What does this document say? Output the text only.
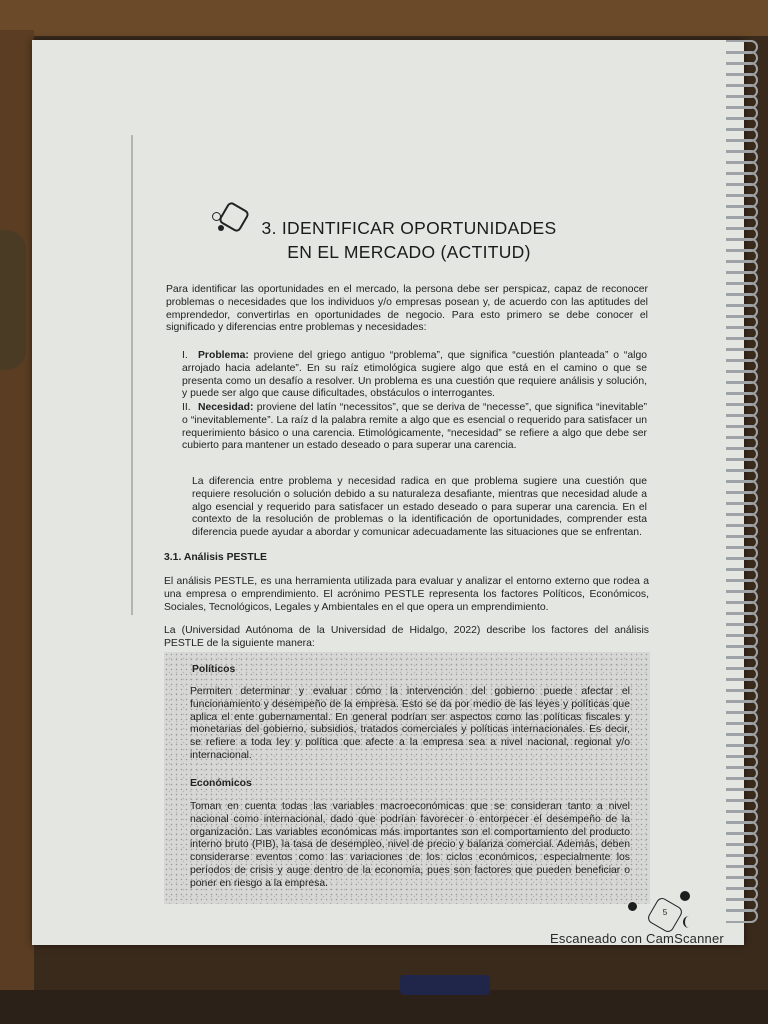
3. IDENTIFICAR OPORTUNIDADES
EN EL MERCADO (ACTITUD)
Para identificar las oportunidades en el mercado, la persona debe ser perspicaz, capaz de reconocer problemas o necesidades que los individuos y/o empresas posean y, de acuerdo con las aptitudes del emprendedor, convertirlas en oportunidades de negocio. Para esto primero se debe conocer el significado y diferencias entre problemas y necesidades:
I. Problema: proviene del griego antiguo “problema”, que significa “cuestión planteada” o “algo arrojado hacia adelante”. En su raíz etimológica sugiere algo que está en el camino o que se presenta como un desafío a resolver. Un problema es una cuestión que requiere análisis y solución, y puede ser algo que cause dificultades, obstáculos o interrogantes.
II. Necesidad: proviene del latín “necessitos”, que se deriva de “necesse”, que significa “inevitable” o “inevitablemente”. La raíz d la palabra remite a algo que es esencial o requerido para satisfacer un requerimiento básico o una carencia. Etimológicamente, “necesidad” se refiere a algo que debe ser cubierto para mantener un estado deseado o para superar una carencia.
La diferencia entre problema y necesidad radica en que problema sugiere una cuestión que requiere resolución o solución debido a su naturaleza desafiante, mientras que necesidad alude a algo esencial y requerido para satisfacer un estado deseado o para superar una carencia. En el contexto de la resolución de problemas o la identificación de oportunidades, comprender esta diferencia puede ayudar a abordar y comunicar adecuadamente las situaciones que se enfrentan.
3.1. Análisis PESTLE
El análisis PESTLE, es una herramienta utilizada para evaluar y analizar el entorno externo que rodea a una empresa o emprendimiento. El acrónimo PESTLE representa los factores Políticos, Económicos, Sociales, Tecnológicos, Legales y Ambientales en el que opera un emprendimiento.
La (Universidad Autónoma de la Universidad de Hidalgo, 2022) describe los factores del análisis PESTLE de la siguiente manera:
Políticos
Permiten determinar y evaluar cómo la intervención del gobierno puede afectar el funcionamiento y desempeño de la empresa. Esto se da por medio de las leyes y políticas que aplica el ente gubernamental. En general podrían ser aspectos como las políticas fiscales y monetarias del gobierno, subsidios, tratados comerciales y políticas internacionales. Es decir, se refiere a toda ley y política que afecte a la empresa sea a nivel nacional, regional y/o internacional.
Económicos
Toman en cuenta todas las variables macroeconómicas que se consideran tanto a nivel nacional como internacional, dado que podrían favorecer o entorpecer el desempeño de la organización. Las variables económicas más importantes son el comportamiento del producto interno bruto (PIB), la tasa de desempleo, nivel de precio y balanza comercial. Además, deben considerarse eventos como las variaciones de los ciclos económicos, especialmente los períodos de crisis y auge dentro de la economía, pues son factores que pueden beneficiar o poner en riesgo a la empresa.
5
Escaneado con CamScanner
